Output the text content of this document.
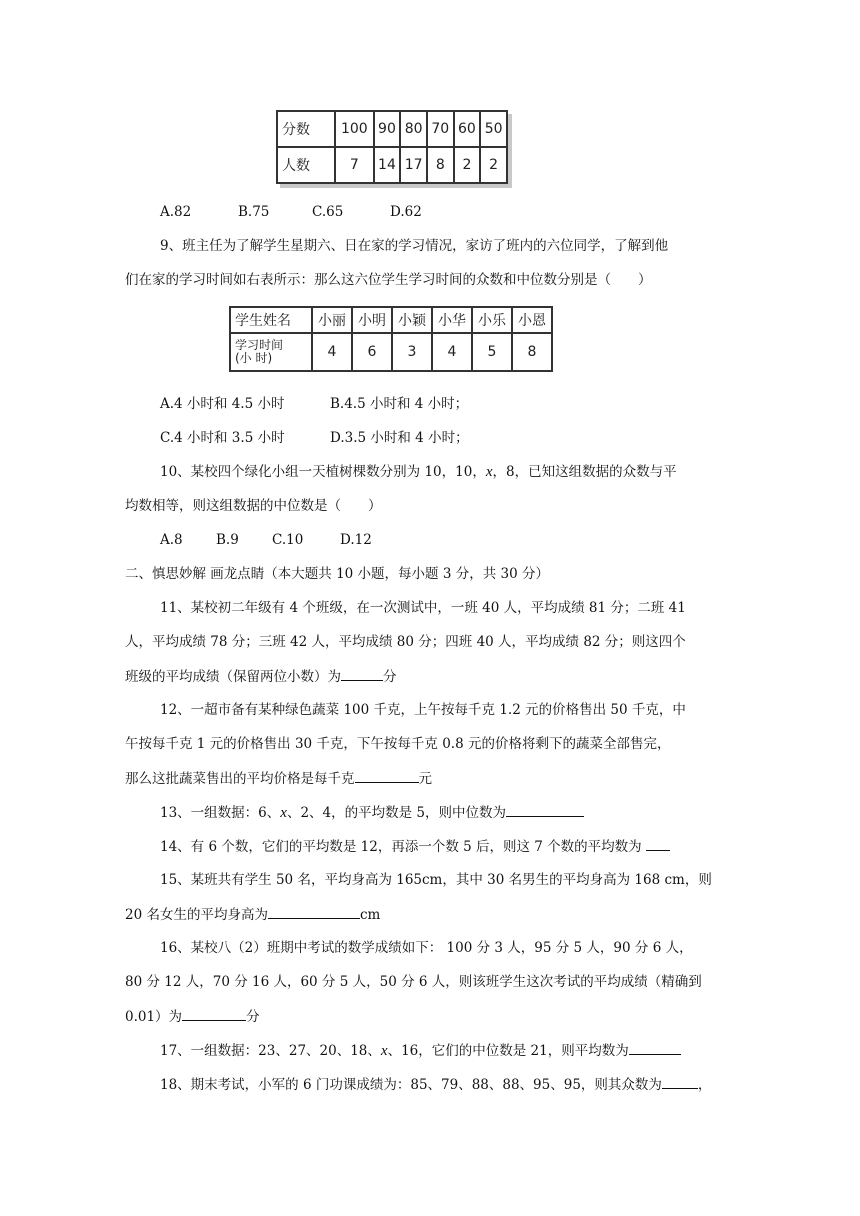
分数	100	90	80	70	60	50
人数	7	14	17	8	2	2
A.82	B.75	C.65	D.62
9、班主任为了解学生星期六、日在家的学习情况，家访了班内的六位同学，了解到他
们在家的学习时间如右表所示：那么这六位学生学习时间的众数和中位数分别是（　　）
学生姓名	小丽	小明	小颖	小华	小乐	小恩

学习时间
(小 时)	4	6	3	4	5	8
A.4 小时和 4.5 小时	B.4.5 小时和 4 小时；
C.4 小时和 3.5 小时	D.3.5 小时和 4 小时；
10、某校四个绿化小组一天植树棵数分别为 10，10，x，8，已知这组数据的众数与平
均数相等，则这组数据的中位数是（　　）
A.8 B.9 C.10	D.12
二、慎思妙解 画龙点睛（本大题共 10 小题，每小题 3 分，共 30 分）
11、某校初二年级有 4 个班级，在一次测试中，一班 40 人，平均成绩 81 分；二班 41
人，平均成绩 78 分；三班 42 人，平均成绩 80 分；四班 40 人，平均成绩 82 分；则这四个
班级的平均成绩（保留两位小数）为	分
12、一超市备有某种绿色蔬菜 100 千克，上午按每千克 1.2 元的价格售出 50 千克，中
午按每千克 1 元的价格售出 30 千克，下午按每千克 0.8 元的价格将剩下的蔬菜全部售完，
那么这批蔬菜售出的平均价格是每千克	元
13、一组数据：6、x、2、4，的平均数是 5，则中位数为
14、有 6 个数，它们的平均数是 12，再添一个数 5 后，则这 7 个数的平均数为
15、某班共有学生 50 名，平均身高为 165cm，其中 30 名男生的平均身高为 168 cm，则
20 名女生的平均身高为	cm
16、某校八（2）班期中考试的数学成绩如下： 100 分 3 人，95 分 5 人，90 分 6 人，
80 分 12 人，70 分 16 人，60 分 5 人，50 分 6 人，则该班学生这次考试的平均成绩（精确到
0.01）为	分
17、一组数据：23、27、20、18、x、16，它们的中位数是 21，则平均数为
18、期末考试，小军的 6 门功课成绩为：85、79、88、88、95、95，则其众数为	，
